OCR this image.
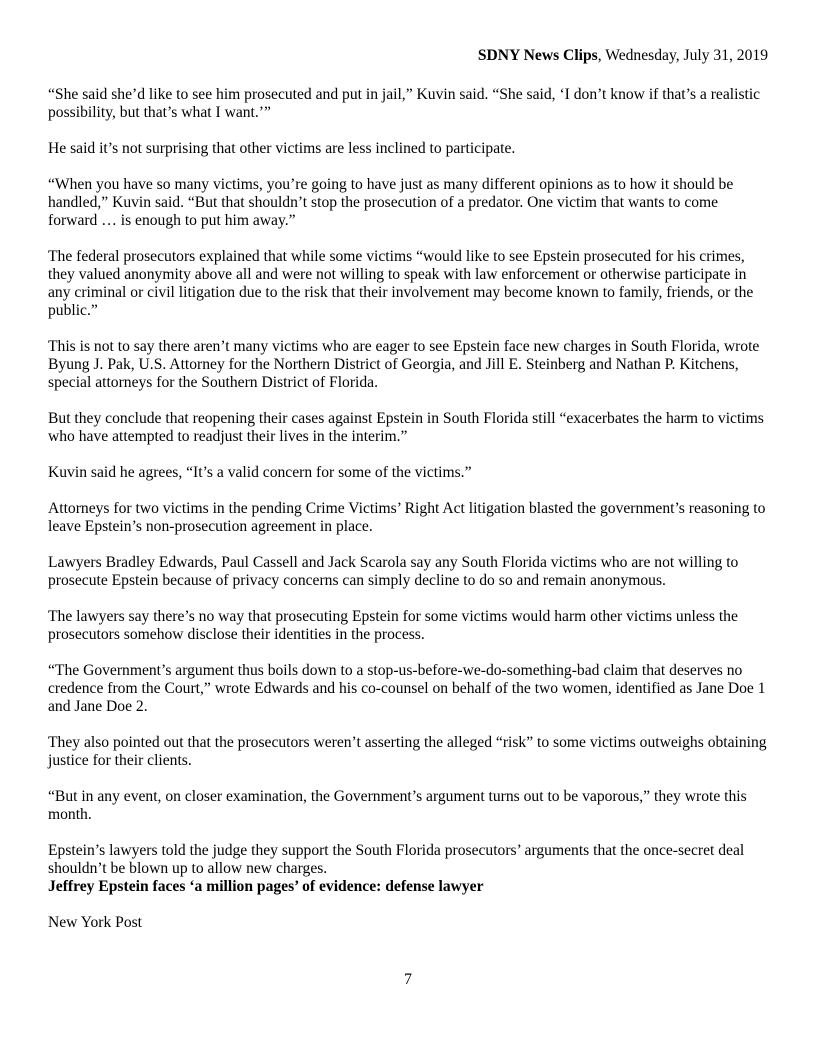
SDNY News Clips, Wednesday, July 31, 2019

“She said she’d like to see him prosecuted and put in jail,” Kuvin said. “She said, ‘I don’t know if that’s a realistic possibility, but that’s what I want.’”

He said it’s not surprising that other victims are less inclined to participate.

“When you have so many victims, you’re going to have just as many different opinions as to how it should be handled,” Kuvin said. “But that shouldn’t stop the prosecution of a predator. One victim that wants to come forward … is enough to put him away.”

The federal prosecutors explained that while some victims “would like to see Epstein prosecuted for his crimes, they valued anonymity above all and were not willing to speak with law enforcement or otherwise participate in any criminal or civil litigation due to the risk that their involvement may become known to family, friends, or the public.”

This is not to say there aren’t many victims who are eager to see Epstein face new charges in South Florida, wrote Byung J. Pak, U.S. Attorney for the Northern District of Georgia, and Jill E. Steinberg and Nathan P. Kitchens, special attorneys for the Southern District of Florida.

But they conclude that reopening their cases against Epstein in South Florida still “exacerbates the harm to victims who have attempted to readjust their lives in the interim.”

Kuvin said he agrees, “It’s a valid concern for some of the victims.”

Attorneys for two victims in the pending Crime Victims’ Right Act litigation blasted the government’s reasoning to leave Epstein’s non-prosecution agreement in place.

Lawyers Bradley Edwards, Paul Cassell and Jack Scarola say any South Florida victims who are not willing to prosecute Epstein because of privacy concerns can simply decline to do so and remain anonymous.

The lawyers say there’s no way that prosecuting Epstein for some victims would harm other victims unless the prosecutors somehow disclose their identities in the process.

“The Government’s argument thus boils down to a stop-us-before-we-do-something-bad claim that deserves no credence from the Court,” wrote Edwards and his co-counsel on behalf of the two women, identified as Jane Doe 1 and Jane Doe 2.

They also pointed out that the prosecutors weren’t asserting the alleged “risk” to some victims outweighs obtaining justice for their clients.

“But in any event, on closer examination, the Government’s argument turns out to be vaporous,” they wrote this month.

Epstein’s lawyers told the judge they support the South Florida prosecutors’ arguments that the once-secret deal shouldn’t be blown up to allow new charges.

Jeffrey Epstein faces ‘a million pages’ of evidence: defense lawyer

New York Post

7
